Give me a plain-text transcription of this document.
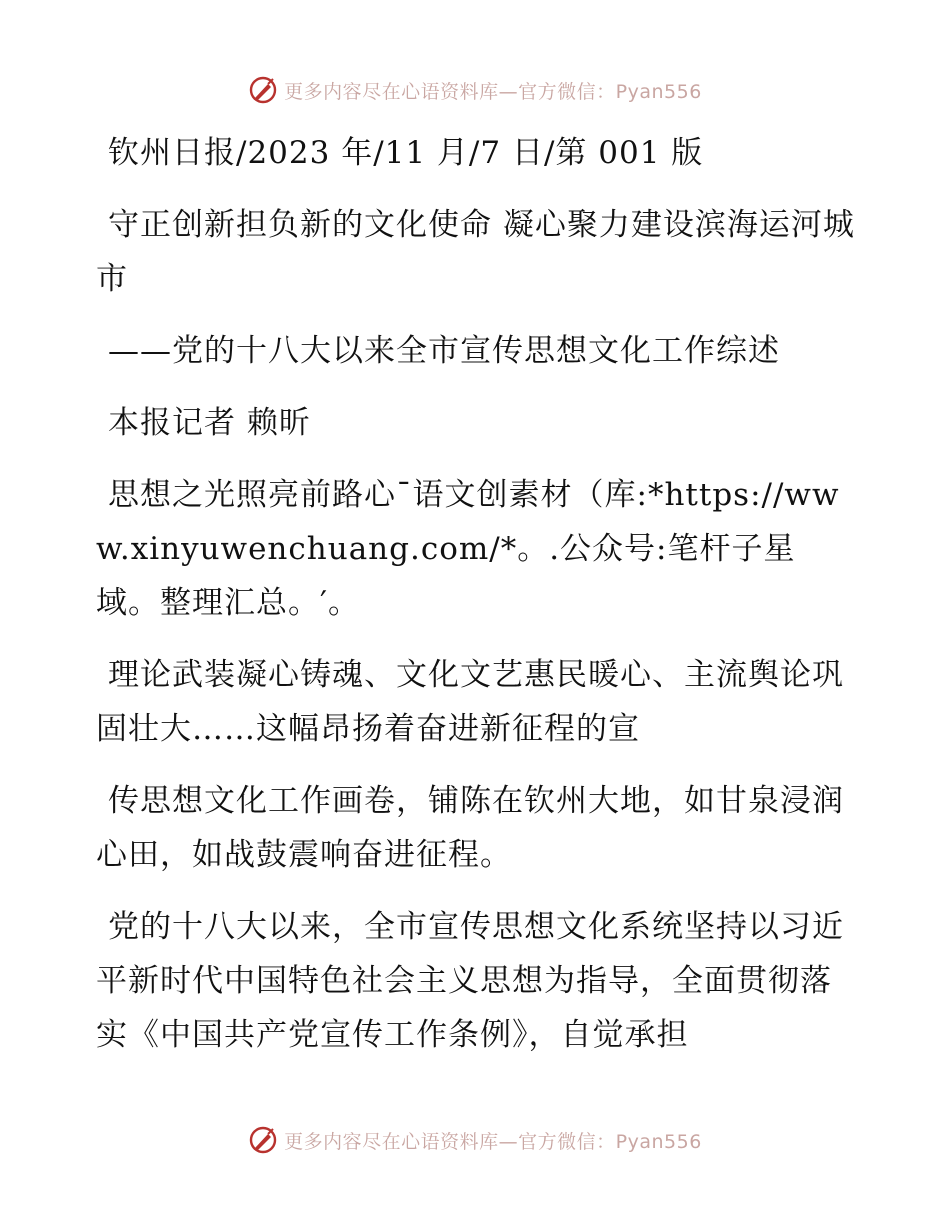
更多内容尽在心语资料库—官方微信：Pyan556

钦州日报/2023 年/11 月/7 日/第 001 版

守正创新担负新的文化使命 凝心聚力建设滨海运河城市

——党的十八大以来全市宣传思想文化工作综述

本报记者 赖昕

思想之光照亮前路心¯语文创素材（库:*https://www.xinyuwenchuang.com/*。.公众号:笔杆子星域。整理汇总。′。

理论武装凝心铸魂、文化文艺惠民暖心、主流舆论巩固壮大……这幅昂扬着奋进新征程的宣

传思想文化工作画卷，铺陈在钦州大地，如甘泉浸润心田，如战鼓震响奋进征程。

党的十八大以来，全市宣传思想文化系统坚持以习近平新时代中国特色社会主义思想为指导，全面贯彻落实《中国共产党宣传工作条例》，自觉承担

更多内容尽在心语资料库—官方微信：Pyan556
